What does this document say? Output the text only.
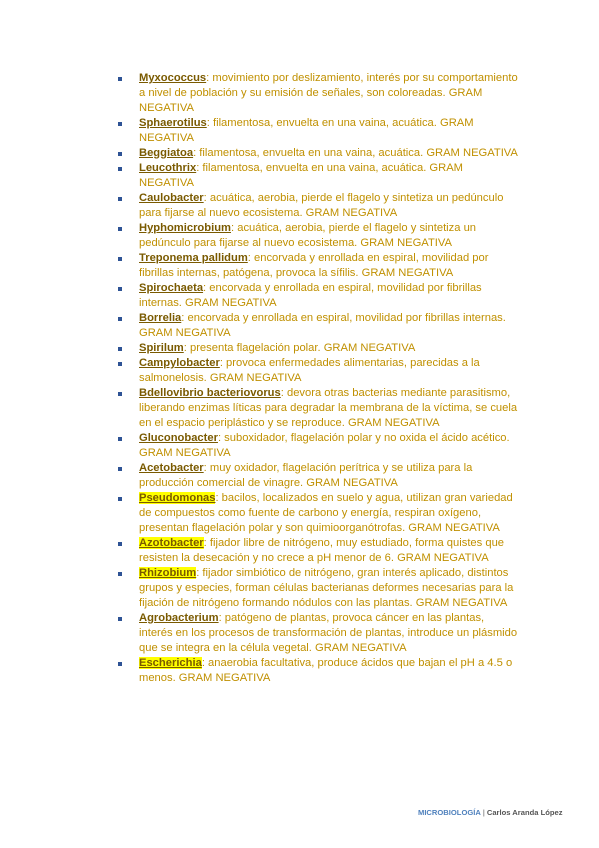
Myxococcus: movimiento por deslizamiento, interés por su comportamiento a nivel de población y su emisión de señales, son coloreadas. GRAM NEGATIVA
Sphaerotilus: filamentosa, envuelta en una vaina, acuática. GRAM NEGATIVA
Beggiatoa: filamentosa, envuelta en una vaina, acuática. GRAM NEGATIVA
Leucothrix: filamentosa, envuelta en una vaina, acuática. GRAM NEGATIVA
Caulobacter: acuática, aerobia, pierde el flagelo y sintetiza un pedúnculo para fijarse al nuevo ecosistema. GRAM NEGATIVA
Hyphomicrobium: acuática, aerobia, pierde el flagelo y sintetiza un pedúnculo para fijarse al nuevo ecosistema. GRAM NEGATIVA
Treponema pallidum: encorvada y enrollada en espiral, movilidad por fibrillas internas, patógena, provoca la sífilis. GRAM NEGATIVA
Spirochaeta: encorvada y enrollada en espiral, movilidad por fibrillas internas. GRAM NEGATIVA
Borrelia: encorvada y enrollada en espiral, movilidad por fibrillas internas. GRAM NEGATIVA
Spirilum: presenta flagelación polar. GRAM NEGATIVA
Campylobacter: provoca enfermedades alimentarias, parecidas a la salmonelosis. GRAM NEGATIVA
Bdellovibrio bacteriovorus: devora otras bacterias mediante parasitismo, liberando enzimas líticas para degradar la membrana de la víctima, se cuela en el espacio periplástico y se reproduce. GRAM NEGATIVA
Gluconobacter: suboxidador, flagelación polar y no oxida el ácido acético. GRAM NEGATIVA
Acetobacter: muy oxidador, flagelación perítrica y se utiliza para la producción comercial de vinagre. GRAM NEGATIVA
Pseudomonas: bacilos, localizados en suelo y agua, utilizan gran variedad de compuestos como fuente de carbono y energía, respiran oxígeno, presentan flagelación polar y son quimioorganótrofas. GRAM NEGATIVA
Azotobacter: fijador libre de nitrógeno, muy estudiado, forma quistes que resisten la desecación y no crece a pH menor de 6. GRAM NEGATIVA
Rhizobium: fijador simbiótico de nitrógeno, gran interés aplicado, distintos grupos y especies, forman células bacterianas deformes necesarias para la fijación de nitrógeno formando nódulos con las plantas. GRAM NEGATIVA
Agrobacterium: patógeno de plantas, provoca cáncer en las plantas, interés en los procesos de transformación de plantas, introduce un plásmido que se integra en la célula vegetal. GRAM NEGATIVA
Escherichia: anaerobia facultativa, produce ácidos que bajan el pH a 4.5 o menos. GRAM NEGATIVA
MICROBIOLOGÍA | Carlos Aranda López
